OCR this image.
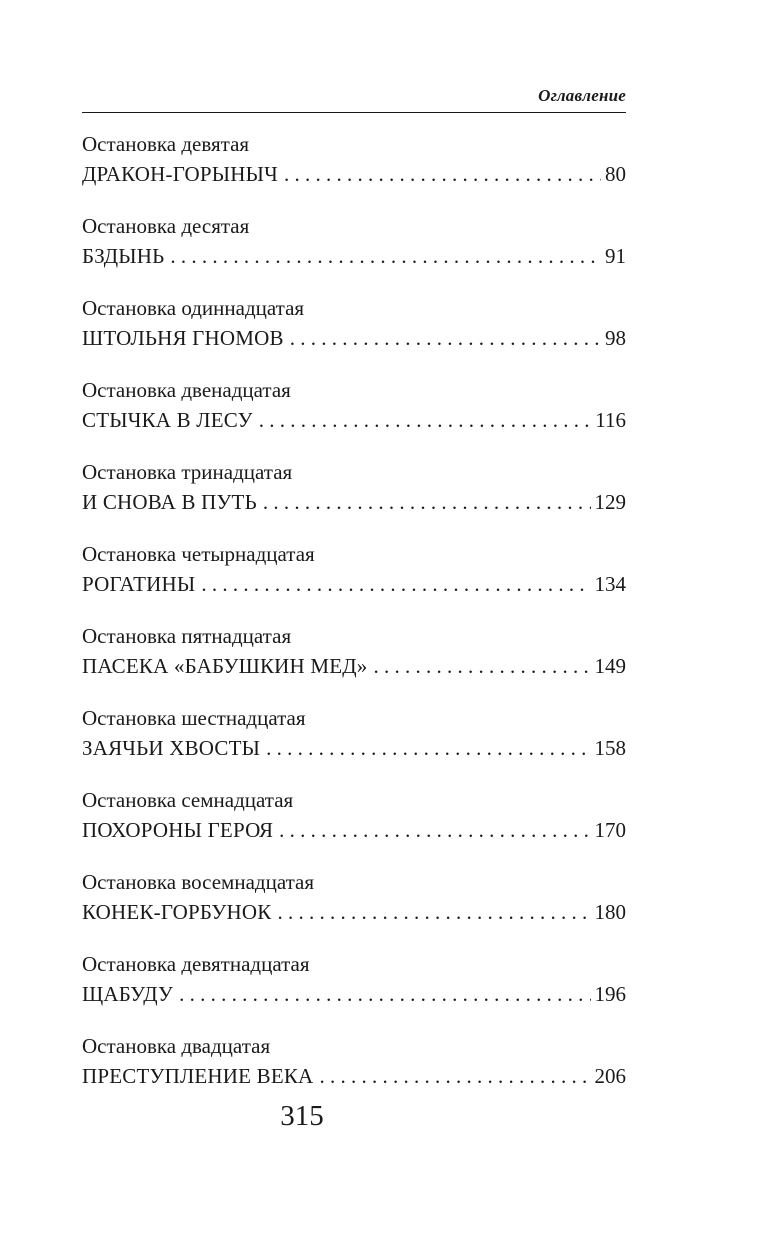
Оглавление
Остановка девятая
ДРАКОН-ГОРЫНЫЧ . . .	80
Остановка десятая
БЗДЫНЬ . . .	91
Остановка одиннадцатая
ШТОЛЬНЯ ГНОМОВ . . .	98
Остановка двенадцатая
СТЫЧКА В ЛЕСУ . . .	116
Остановка тринадцатая
И СНОВА В ПУТЬ . . .	129
Остановка четырнадцатая
РОГАТИНЫ . . .	134
Остановка пятнадцатая
ПАСЕКА «БАБУШКИН МЕД» . . .	149
Остановка шестнадцатая
ЗАЯЧЬИ ХВОСТЫ . . .	158
Остановка семнадцатая
ПОХОРОНЫ ГЕРОЯ . . .	170
Остановка восемнадцатая
КОНЕК-ГОРБУНОК . . .	180
Остановка девятнадцатая
ЩАБУДУ . . .	196
Остановка двадцатая
ПРЕСТУПЛЕНИЕ ВЕКА . . .	206
315
